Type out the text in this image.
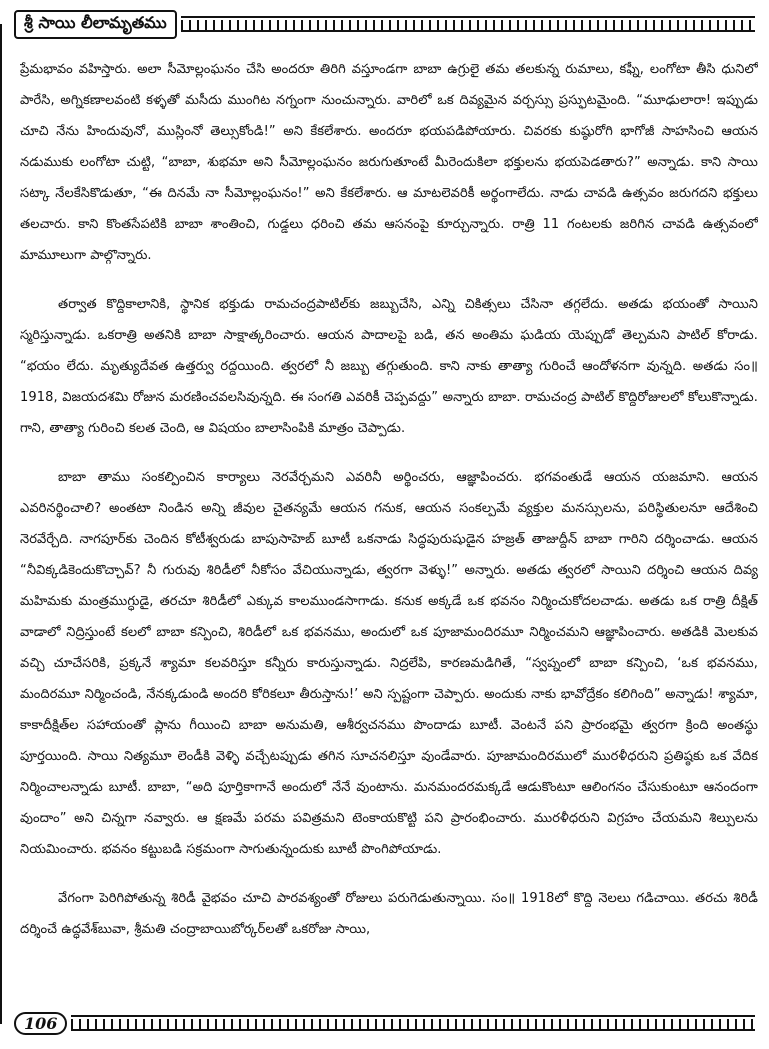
శ్రీ సాయి లీలామృతము

ప్రేమభావం వహిస్తారు. అలా సీమోల్లంఘనం చేసి అందరూ తిరిగి వస్తూండగా బాబా ఉగ్రులై తమ తలకున్న రుమాలు, కఫ్నీ, లంగోటా తీసి ధునిలో పారేసి, అగ్నికణాలవంటి కళ్ళతో మసీదు ముంగిట నగ్నంగా నుంచున్నారు. వారిలో ఒక దివ్యమైన వర్చస్సు ప్రస్ఫుటమైంది. “మూఢులారా! ఇప్పుడు చూచి నేను హిందువునో, ముస్లింనో తెల్సుకోండి!” అని కేకలేశారు. అందరూ భయపడిపోయారు. చివరకు కుష్ఠురోగి భాగోజీ సాహసించి ఆయన నడుముకు లంగోటా చుట్టి, “బాబా, శుభమా అని సీమోల్లంఘనం జరుగుతూంటే మీరెందుకిలా భక్తులను భయపెడతారు?” అన్నాడు. కాని సాయి సట్కా నేలకేసికొడుతూ, “ఈ దినమే నా సీమోల్లంఘనం!” అని కేకలేశారు. ఆ మాటలెవరికీ అర్థంగాలేదు. నాడు చావడి ఉత్సవం జరుగదని భక్తులు తలచారు. కాని కొంతసేపటికి బాబా శాంతించి, గుడ్డలు ధరించి తమ ఆసనంపై కూర్చున్నారు. రాత్రి 11 గంటలకు జరిగిన చావడి ఉత్సవంలో మామూలుగా పాల్గొన్నారు.

తర్వాత కొద్దికాలానికి, స్థానిక భక్తుడు రామచంద్రపాటిల్‌కు జబ్బుచేసి, ఎన్ని చికిత్సలు చేసినా తగ్గలేదు. అతడు భయంతో సాయిని స్మరిస్తున్నాడు. ఒకరాత్రి అతనికి బాబా సాక్షాత్కరించారు. ఆయన పాదాలపై బడి, తన అంతిమ ఘడియ యెప్పుడో తెల్పమని పాటిల్ కోరాడు. “భయం లేదు. మృత్యుదేవత ఉత్తర్వు రద్దయింది. త్వరలో నీ జబ్బు తగ్గుతుంది. కాని నాకు తాత్యా గురించే ఆందోళనగా వున్నది. అతడు సం॥ 1918, విజయదశమి రోజున మరణించవలసివున్నది. ఈ సంగతి ఎవరికీ చెప్పవద్దు” అన్నారు బాబా. రామచంద్ర పాటిల్ కొద్దిరోజులలో కోలుకొన్నాడు. గాని, తాత్యా గురించి కలత చెంది, ఆ విషయం బాలాసింపికి మాత్రం చెప్పాడు.

బాబా తాము సంకల్పించిన కార్యాలు నెరవేర్చమని ఎవరినీ అర్థించరు, ఆజ్ఞాపించరు. భగవంతుడే ఆయన యజమాని. ఆయన ఎవరినర్థించాలి? అంతటా నిండిన అన్ని జీవుల చైతన్యమే ఆయన గనుక, ఆయన సంకల్పమే వ్యక్తుల మనస్సులను, పరిస్థితులనూ ఆదేశించి నెరవేర్చేది. నాగపూర్‌కు చెందిన కోటీశ్వరుడు బాపుసాహెబ్ బూటీ ఒకనాడు సిద్ధపురుషుడైన హజ్రత్ తాజుద్దీన్ బాబా గారిని దర్శించాడు. ఆయన “నీవిక్కడికెందుకొచ్చావ్? నీ గురువు శిరిడీలో నీకోసం వేచియున్నాడు, త్వరగా వెళ్ళు!” అన్నారు. అతడు త్వరలో సాయిని దర్శించి ఆయన దివ్య మహిమకు మంత్రముగ్ధుడై, తరచూ శిరిడీలో ఎక్కువ కాలముండసాగాడు. కనుక అక్కడే ఒక భవనం నిర్మించుకోదలచాడు. అతడు ఒక రాత్రి దీక్షిత్ వాడాలో నిద్రిస్తుంటే కలలో బాబా కన్పించి, శిరిడీలో ఒక భవనము, అందులో ఒక పూజామందిరమూ నిర్మించమని ఆజ్ఞాపించారు. అతడికి మెలకువ వచ్చి చూచేసరికి, ప్రక్కనే శ్యామా కలవరిస్తూ కన్నీరు కారుస్తున్నాడు. నిద్రలేపి, కారణమడిగితే, “స్వప్నంలో బాబా కన్పించి, ‘ఒక భవనము, మందిరమూ నిర్మించండి, నేనక్కడుండి అందరి కోరికలూ తీరుస్తాను!’ అని స్పష్టంగా చెప్పారు. అందుకు నాకు భావోద్రేకం కలిగింది” అన్నాడు! శ్యామా, కాకాదీక్షిత్‌ల సహాయంతో ప్లాను గీయించి బాబా అనుమతి, ఆశీర్వచనము పొందాడు బూటీ. వెంటనే పని ప్రారంభమై త్వరగా క్రింది అంతస్థు పూర్తయింది. సాయి నిత్యమూ లెండీకి వెళ్ళి వచ్చేటప్పుడు తగిన సూచనలిస్తూ వుండేవారు. పూజామందిరములో మురళీధరుని ప్రతిష్ఠకు ఒక వేదిక నిర్మించాలన్నాడు బూటీ. బాబా, “అది పూర్తికాగానే అందులో నేనే వుంటాను. మనమందరమక్కడే ఆడుకొంటూ ఆలింగనం చేసుకుంటూ ఆనందంగా వుందాం” అని చిన్నగా నవ్వారు. ఆ క్షణమే పరమ పవిత్రమని టెంకాయకొట్టి పని ప్రారంభించారు. మురళీధరుని విగ్రహం చేయమని శిల్పులను నియమించారు. భవనం కట్టుబడి సక్రమంగా సాగుతున్నందుకు బూటీ పొంగిపోయాడు.

వేగంగా పెరిగిపోతున్న శిరిడీ వైభవం చూచి పారవశ్యంతో రోజులు పరుగెడుతున్నాయి. సం॥ 1918లో కొద్ది నెలలు గడిచాయి. తరచు శిరిడీ దర్శించే ఉద్ధవేశ్‌బువా, శ్రీమతి చంద్రాబాయిబోర్కర్‌లతో ఒకరోజు సాయి,

106
